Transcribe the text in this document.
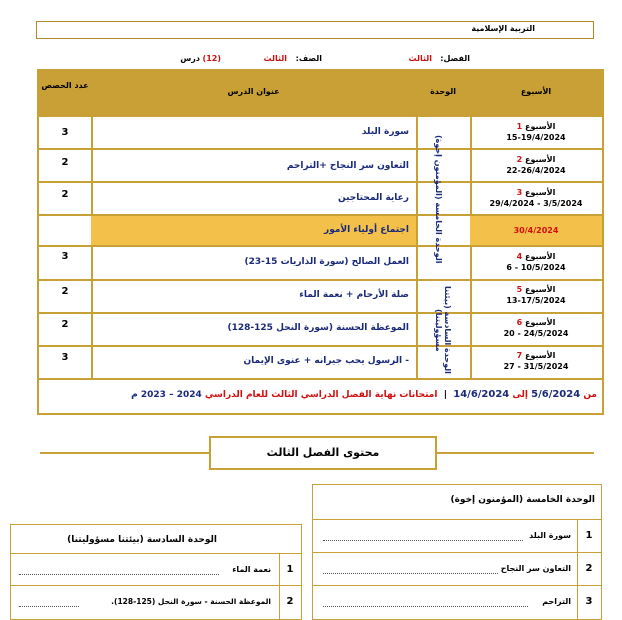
التربية الإسلامية
الفصل:
الثالث
الصف:
الثالث
(12)
درس
عدد الحصص
عنوان الدرس	الوحدة	الأسبوع
الوحدة الخامسة (المؤمنون إخوة)
الوحدة السادسة (بيئتنا مسؤوليتنا)
الأسبوع 1
15-19/4/2024
سورة البلد
3
الأسبوع 2
22-26/4/2024
التعاون سر النجاح +التراحم
2
الأسبوع 3
29/4/2024 - 3/5/2024
رعاية المحتاجين
2
30/4/2024
اجتماع أولياء الأمور
الأسبوع 4
6 - 10/5/2024
العمل الصالح (سورة الذاريات 15-23)
3
الأسبوع 5
13-17/5/2024
صلة الأرحام + نعمة الماء
2
الأسبوع 6
20 - 24/5/2024
الموعظة الحسنة (سورة النحل 125-128)
2
الأسبوع 7
27 - 31/5/2024
- الرسول يحب جيرانه + عنوى الإيمان
3
من 5/6/2024 إلى 14/6/2024  |  امتحانات نهاية الفصل الدراسي الثالث للعام الدراسي 2024 – 2023 م
محتوى الفصل الثالث
الوحدة الخامسة (المؤمنون إخوة)
1
سورة البلد
2
التعاون سر النجاح
3
التراحم
الوحدة السادسة (بيئتنا مسؤوليتنا)
1
نعمة الماء
2
الموعظة الحسنة - سورة النحل (125-128).
